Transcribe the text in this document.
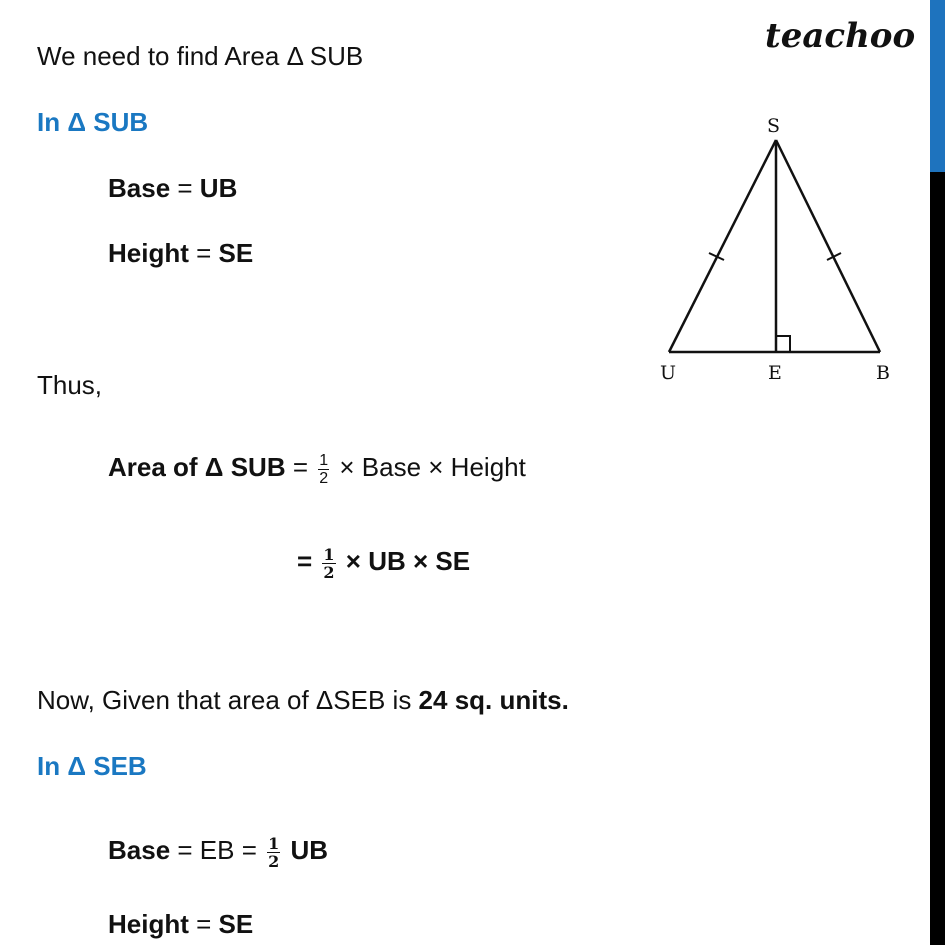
teachoo
We need to find Area Δ SUB
In Δ SUB
Base = UB
Height = SE
Thus,
Area of Δ SUB = $\frac{1}{2}$ × Base × Height
= $\frac{1}{2}$ × UB × SE
Now, Given that area of ΔSEB is 24 sq. units.
In Δ SEB
Base = EB = $\frac{1}{2}$ UB
Height = SE
S
U	E	B
